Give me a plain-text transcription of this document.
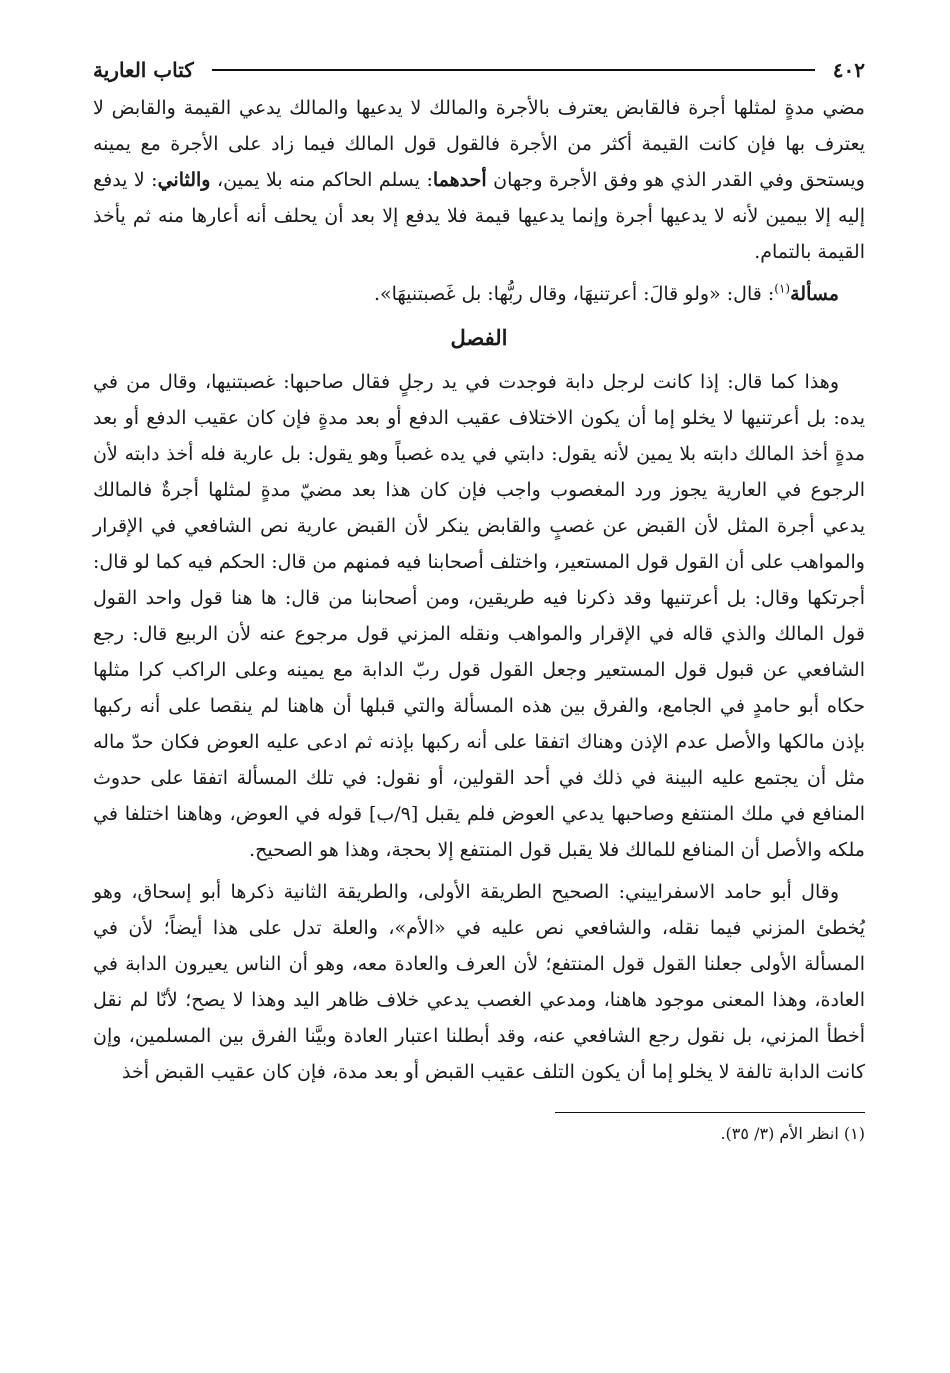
٤٠٢
كتاب العارية

مضي مدةٍ لمثلها أجرة فالقابض يعترف بالأجرة والمالك لا يدعيها والمالك يدعي القيمة والقابض لا يعترف بها فإن كانت القيمة أكثر من الأجرة فالقول قول المالك فيما زاد على الأجرة مع يمينه ويستحق وفي القدر الذي هو وفق الأجرة وجهان أحدهما: يسلم الحاكم منه بلا يمين، والثاني: لا يدفع إليه إلا بيمين لأنه لا يدعيها أجرة وإنما يدعيها قيمة فلا يدفع إلا بعد أن يحلف أنه أعارها منه ثم يأخذ القيمة بالتمام.

مسألة$^{(١)}$: قال: «ولو قالَ: أعرتنيهَا، وقال ربُّها: بل غَصبتنيهَا».

الفصل

وهذا كما قال: إذا كانت لرجل دابة فوجدت في يد رجلٍ فقال صاحبها: غصبتنيها، وقال من في يده: بل أعرتنيها لا يخلو إما أن يكون الاختلاف عقيب الدفع أو بعد مدةٍ فإن كان عقيب الدفع أو بعد مدةٍ أخذ المالك دابته بلا يمين لأنه يقول: دابتي في يده غصباً وهو يقول: بل عارية فله أخذ دابته لأن الرجوع في العارية يجوز ورد المغصوب واجب فإن كان هذا بعد مضيّ مدةٍ لمثلها أجرةٌ فالمالك يدعي أجرة المثل لأن القبض عن غصبٍ والقابض ينكر لأن القبض عارية نص الشافعي في الإقرار والمواهب على أن القول قول المستعير، واختلف أصحابنا فيه فمنهم من قال: الحكم فيه كما لو قال: أجرتكها وقال: بل أعرتنيها وقد ذكرنا فيه طريقين، ومن أصحابنا من قال: ها هنا قول واحد القول قول المالك والذي قاله في الإقرار والمواهب ونقله المزني قول مرجوع عنه لأن الربيع قال: رجع الشافعي عن قبول قول المستعير وجعل القول قول ربّ الدابة مع يمينه وعلى الراكب كرا مثلها حكاه أبو حامدٍ في الجامع، والفرق بين هذه المسألة والتي قبلها أن هاهنا لم ينقصا على أنه ركبها بإذن مالكها والأصل عدم الإذن وهناك اتفقا على أنه ركبها بإذنه ثم ادعى عليه العوض فكان حدّ ماله مثل أن يجتمع عليه البينة في ذلك في أحد القولين، أو نقول: في تلك المسألة اتفقا على حدوث المنافع في ملك المنتفع وصاحبها يدعي العوض فلم يقبل [٩/ب] قوله في العوض، وهاهنا اختلفا في ملكه والأصل أن المنافع للمالك فلا يقبل قول المنتفع إلا بحجة، وهذا هو الصحيح.

وقال أبو حامد الاسفراييني: الصحيح الطريقة الأولى، والطريقة الثانية ذكرها أبو إسحاق، وهو يُخطئ المزني فيما نقله، والشافعي نص عليه في «الأم»، والعلة تدل على هذا أيضاً؛ لأن في المسألة الأولى جعلنا القول قول المنتفع؛ لأن العرف والعادة معه، وهو أن الناس يعيرون الدابة في العادة، وهذا المعنى موجود هاهنا، ومدعي الغصب يدعي خلاف ظاهر اليد وهذا لا يصح؛ لأنّا لم نقل أخطأ المزني، بل نقول رجع الشافعي عنه، وقد أبطلنا اعتبار العادة وبيَّنا الفرق بين المسلمين، وإن كانت الدابة تالفة لا يخلو إما أن يكون التلف عقيب القبض أو بعد مدة، فإن كان عقيب القبض أخذ

(١) انظر الأم (٣/ ٣٥).
